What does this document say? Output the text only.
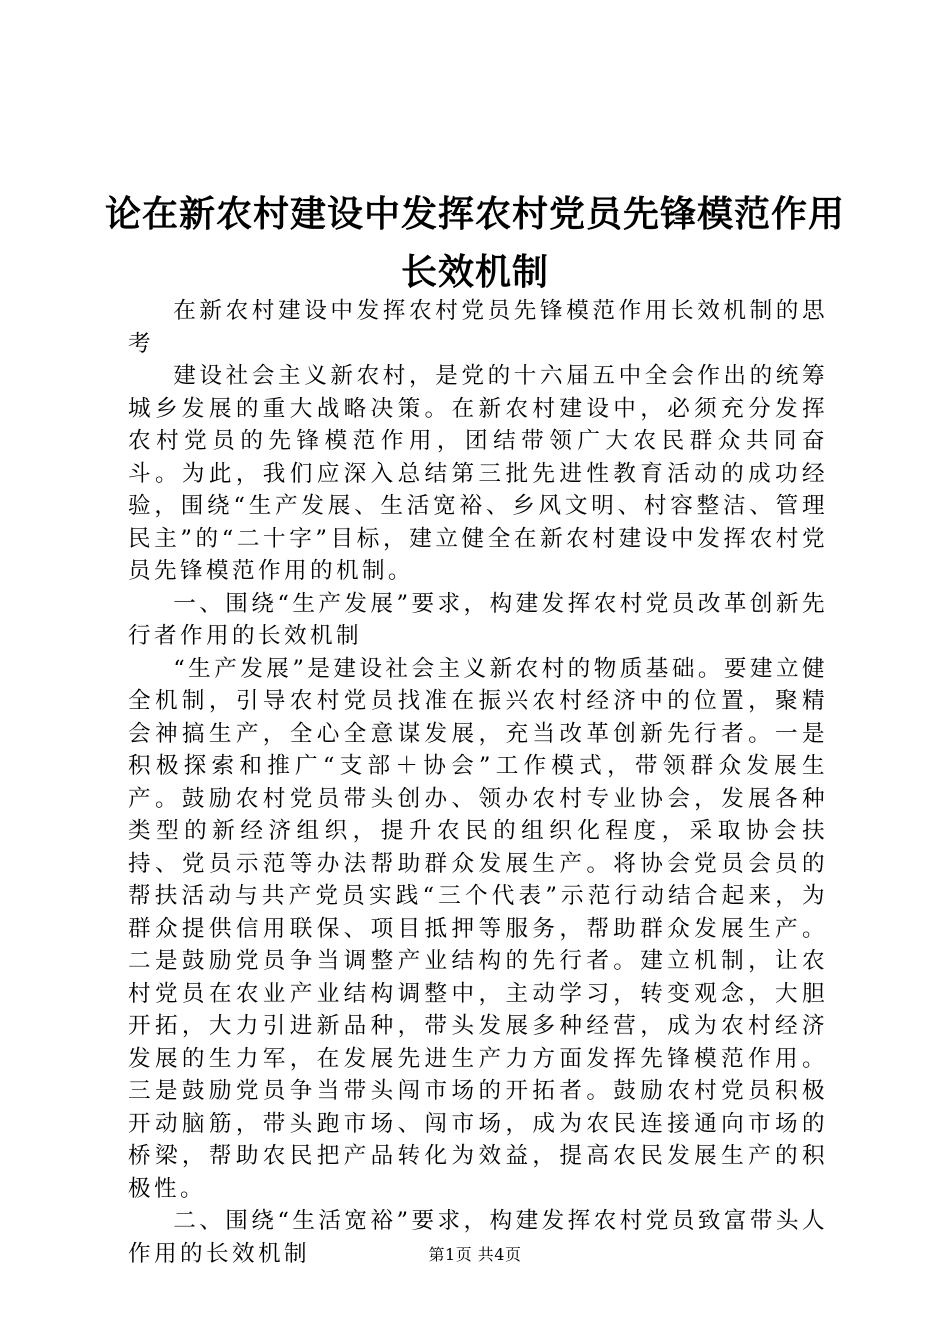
论在新农村建设中发挥农村党员先锋模范作用
长效机制

在新农村建设中发挥农村党员先锋模范作用长效机制的思考

建设社会主义新农村，是党的十六届五中全会作出的统筹城乡发展的重大战略决策。在新农村建设中，必须充分发挥农村党员的先锋模范作用，团结带领广大农民群众共同奋斗。为此，我们应深入总结第三批先进性教育活动的成功经验，围绕“生产发展、生活宽裕、乡风文明、村容整洁、管理民主”的“二十字”目标，建立健全在新农村建设中发挥农村党员先锋模范作用的机制。

一、围绕“生产发展”要求，构建发挥农村党员改革创新先行者作用的长效机制

“生产发展”是建设社会主义新农村的物质基础。要建立健全机制，引导农村党员找准在振兴农村经济中的位置，聚精会神搞生产，全心全意谋发展，充当改革创新先行者。一是积极探索和推广“支部＋协会”工作模式，带领群众发展生产。鼓励农村党员带头创办、领办农村专业协会，发展各种类型的新经济组织，提升农民的组织化程度，采取协会扶持、党员示范等办法帮助群众发展生产。将协会党员会员的帮扶活动与共产党员实践“三个代表”示范行动结合起来，为群众提供信用联保、项目抵押等服务，帮助群众发展生产。二是鼓励党员争当调整产业结构的先行者。建立机制，让农村党员在农业产业结构调整中，主动学习，转变观念，大胆开拓，大力引进新品种，带头发展多种经营，成为农村经济发展的生力军，在发展先进生产力方面发挥先锋模范作用。三是鼓励党员争当带头闯市场的开拓者。鼓励农村党员积极开动脑筋，带头跑市场、闯市场，成为农民连接通向市场的桥梁，帮助农民把产品转化为效益，提高农民发展生产的积极性。

二、围绕“生活宽裕”要求，构建发挥农村党员致富带头人作用的长效机制	第1页 共4页
